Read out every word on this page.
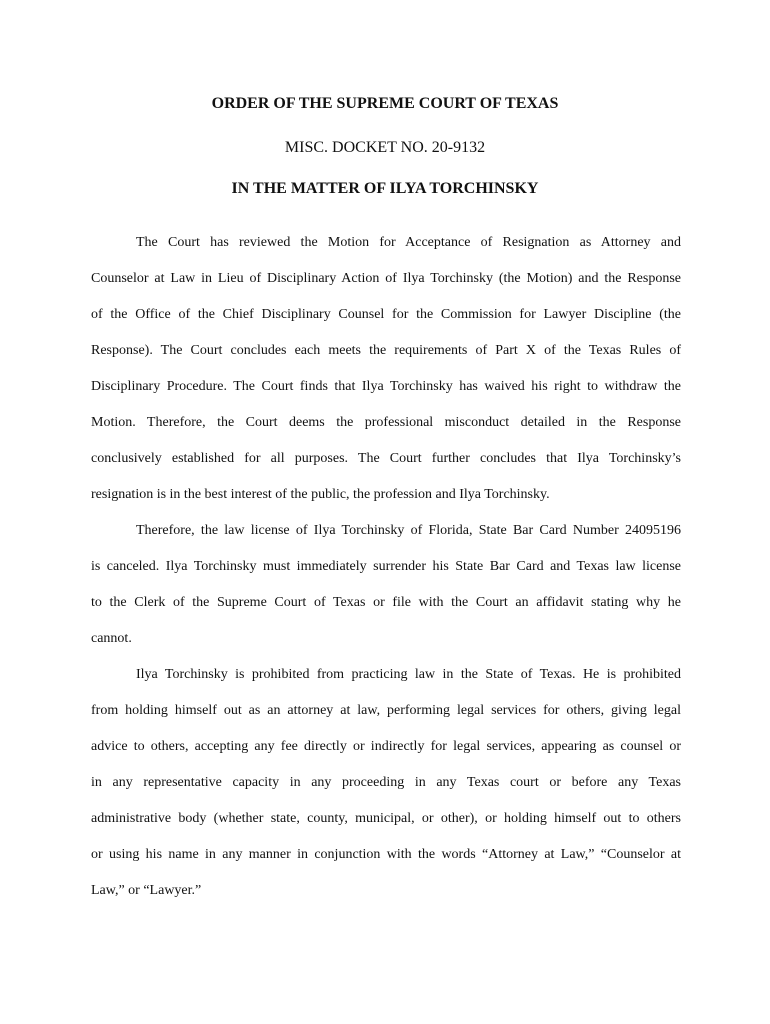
ORDER OF THE SUPREME COURT OF TEXAS
MISC. DOCKET NO. 20-9132
IN THE MATTER OF ILYA TORCHINSKY
The Court has reviewed the Motion for Acceptance of Resignation as Attorney and
Counselor at Law in Lieu of Disciplinary Action of Ilya Torchinsky (the Motion) and the Response
of the Office of the Chief Disciplinary Counsel for the Commission for Lawyer Discipline (the
Response). The Court concludes each meets the requirements of Part X of the Texas Rules of
Disciplinary Procedure. The Court finds that Ilya Torchinsky has waived his right to withdraw the
Motion. Therefore, the Court deems the professional misconduct detailed in the Response
conclusively established for all purposes. The Court further concludes that Ilya Torchinsky’s
resignation is in the best interest of the public, the profession and Ilya Torchinsky.
Therefore, the law license of Ilya Torchinsky of Florida, State Bar Card Number 24095196
is canceled. Ilya Torchinsky must immediately surrender his State Bar Card and Texas law license
to the Clerk of the Supreme Court of Texas or file with the Court an affidavit stating why he
cannot.
Ilya Torchinsky is prohibited from practicing law in the State of Texas. He is prohibited
from holding himself out as an attorney at law, performing legal services for others, giving legal
advice to others, accepting any fee directly or indirectly for legal services, appearing as counsel or
in any representative capacity in any proceeding in any Texas court or before any Texas
administrative body (whether state, county, municipal, or other), or holding himself out to others
or using his name in any manner in conjunction with the words “Attorney at Law,” “Counselor at
Law,” or “Lawyer.”
